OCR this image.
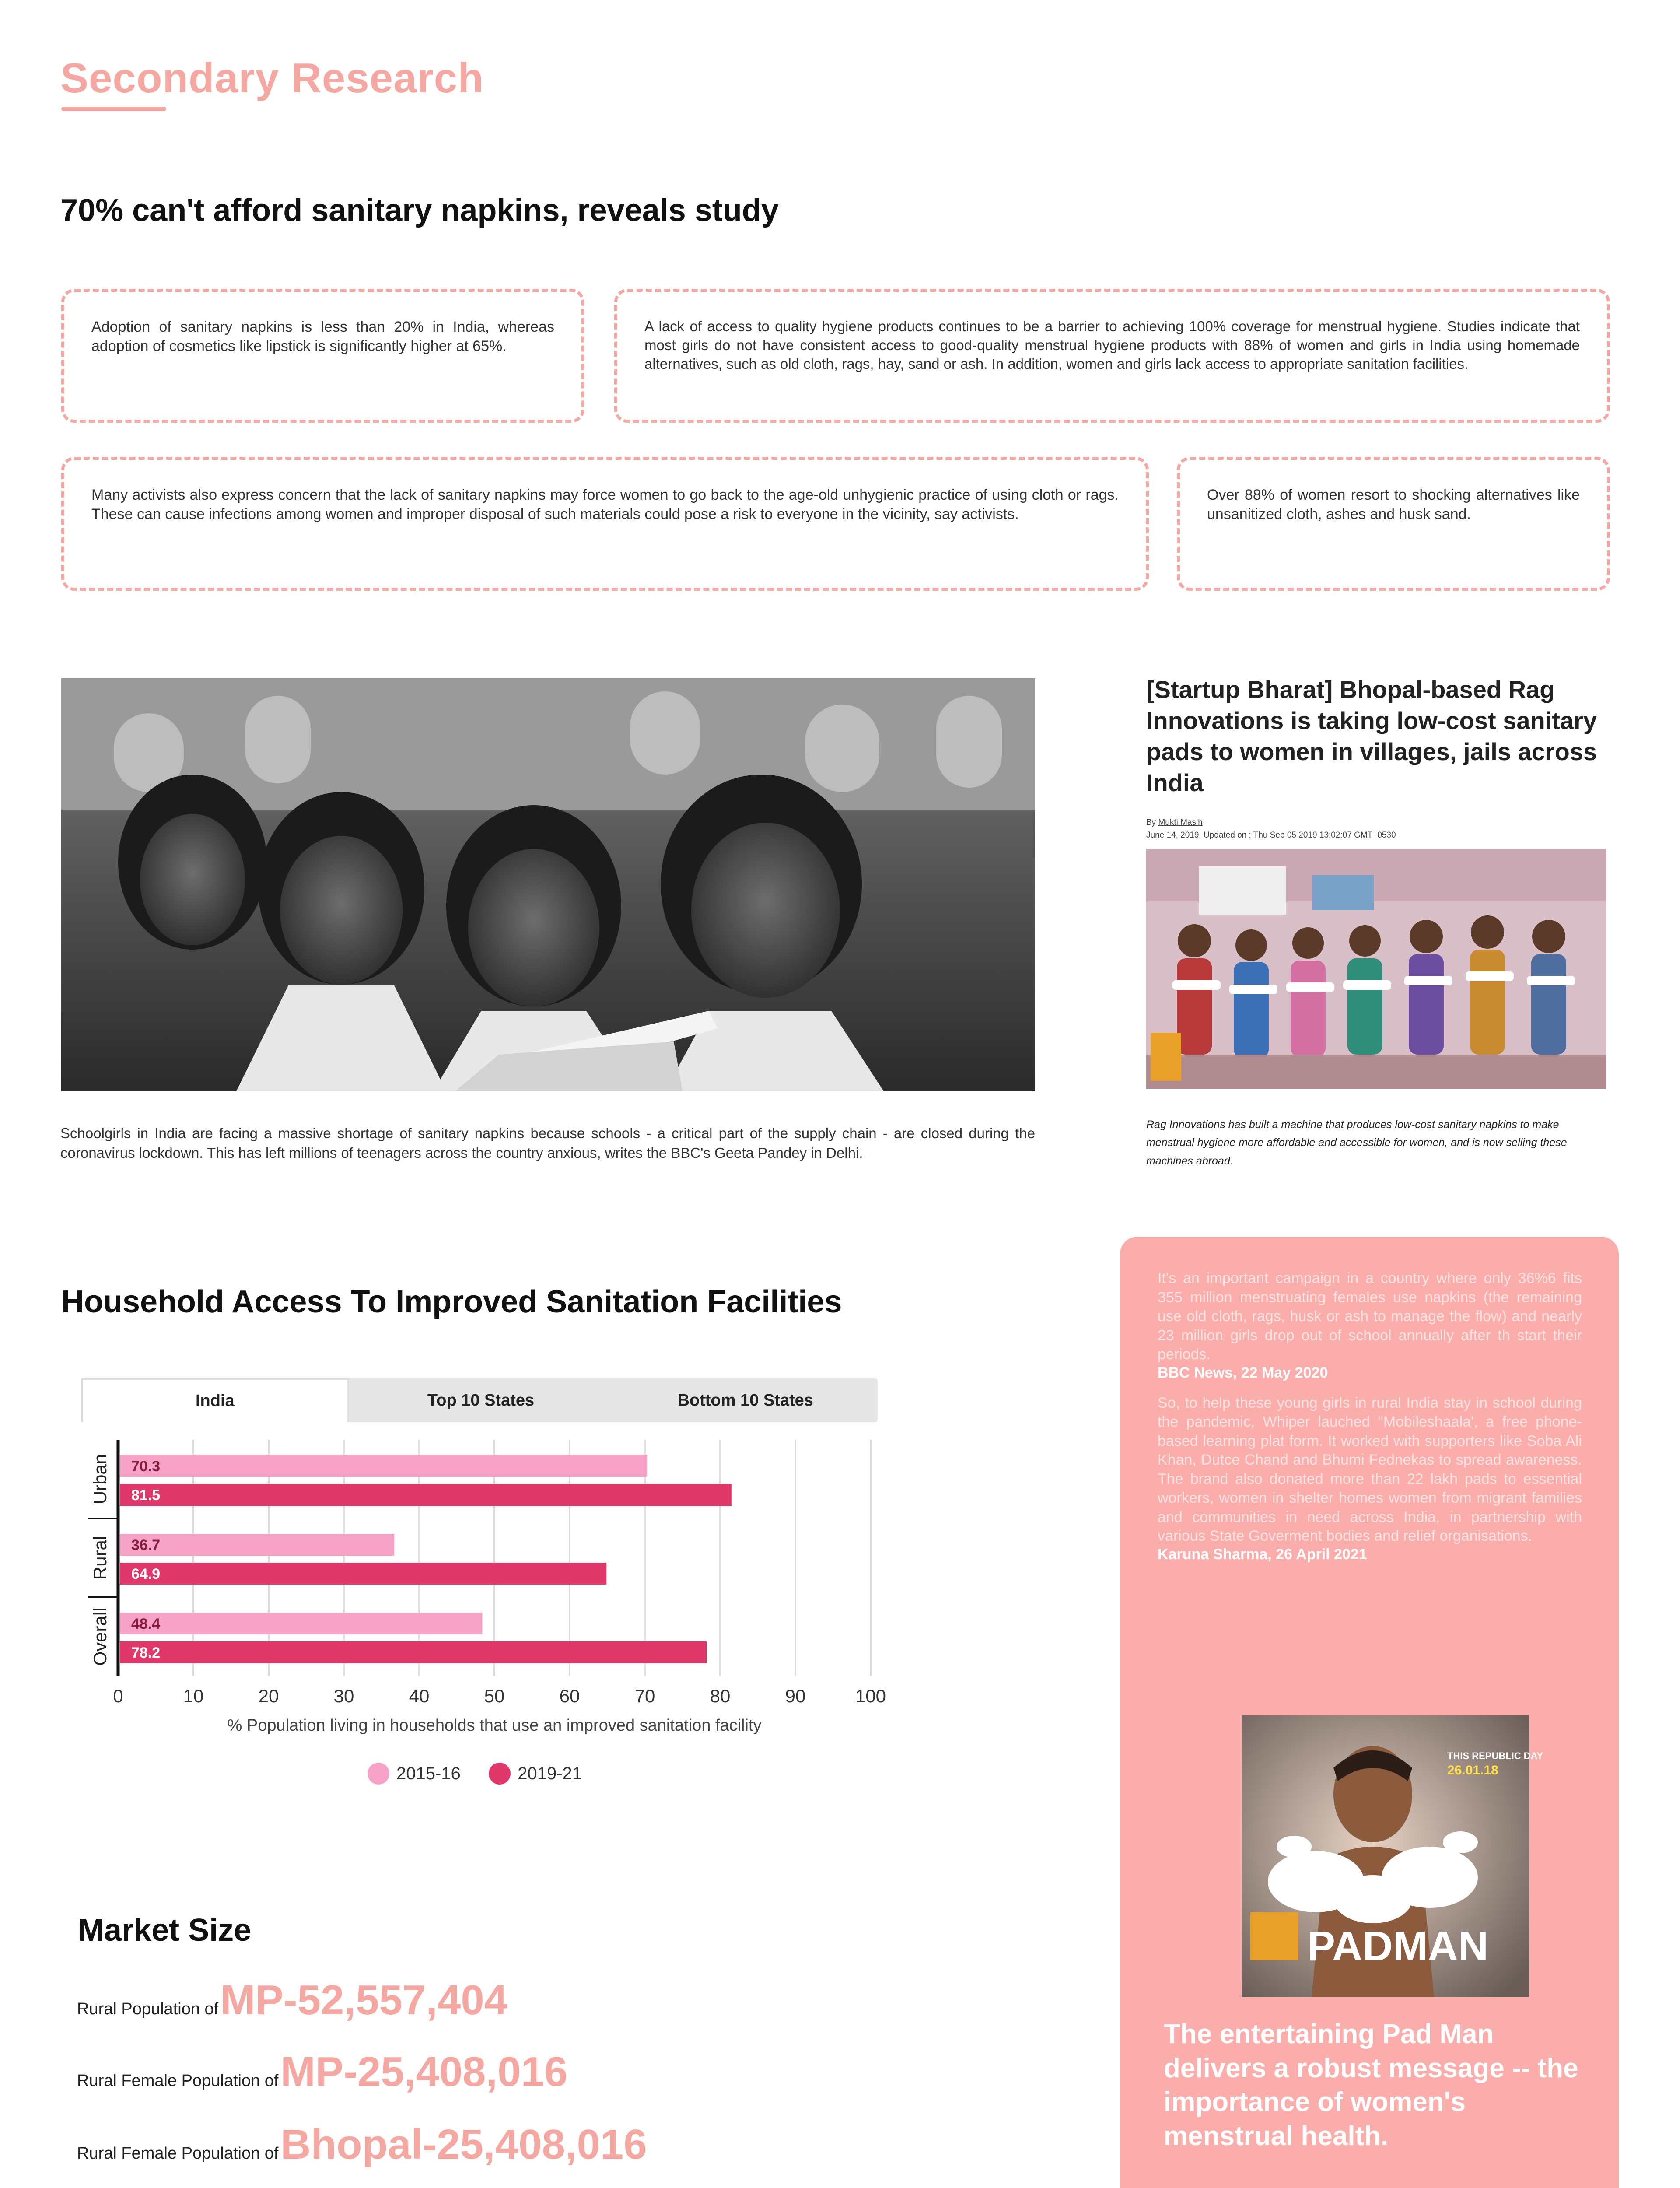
Secondary Research
70% can't afford sanitary napkins, reveals study
Adoption of sanitary napkins is less than 20% in India, whereas adoption of cosmetics like lipstick is significantly higher at 65%.
A lack of access to quality hygiene products continues to be a barrier to achieving 100% coverage for menstrual hygiene. Studies indicate that most girls do not have consistent access to good-quality menstrual hygiene products with 88% of women and girls in India using homemade alternatives, such as old cloth, rags, hay, sand or ash. In addition, women and girls lack access to appropriate sanitation facilities.
Many activists also express concern that the lack of sanitary napkins may force women to go back to the age-old unhygienic practice of using cloth or rags. These can cause infections among women and improper disposal of such materials could pose a risk to everyone in the vicinity, say activists.
Over 88% of women resort to shocking alternatives like unsanitized cloth, ashes and husk sand.
Schoolgirls in India are facing a massive shortage of sanitary napkins because schools - a critical part of the supply chain - are closed during the coronavirus lockdown. This has left millions of teenagers across the country anxious, writes the BBC's Geeta Pandey in Delhi.
[Startup Bharat] Bhopal-based Rag Innovations is taking low-cost sanitary pads to women in villages, jails across India
By Mukti Masih
June 14, 2019, Updated on : Thu Sep 05 2019 13:02:07 GMT+0530
Rag Innovations has built a machine that produces low-cost sanitary napkins to make menstrual hygiene more affordable and accessible for women, and is now selling these machines abroad.
Household Access To Improved Sanitation Facilities
India	Top 10 States	Bottom 10 States
0	10	20	30	40	50	60	70	80	90	100
Urban 70.3
81.5
Rural 36.7
64.9
Overall 48.4
78.2
% Population living in households that use an improved sanitation facility
2015-16	2019-21
Market Size
Rural Population of MP-52,557,404
Rural Female Population of MP-25,408,016
Rural Female Population of Bhopal-25,408,016
It's an important campaign in a country where only 36%6 fits 355 million menstruating females use napkins (the remaining use old cloth, rags, husk or ash to manage the flow) and nearly 23 million girls drop out of school annually after th start their periods.
BBC News, 22 May 2020
So, to help these young girls in rural India stay in school during the pandemic, Whiper lauched "Mobileshaala', a free phone-based learning plat form. It worked with supporters like Soba Ali Khan, Dutce Chand and Bhumi Fednekas to spread awareness. The brand also donated more than 22 lakh pads to essential workers, women in shelter homes women from migrant families and communities in need across India, in partnership with various State Goverment bodies and relief organisations.
Karuna Sharma, 26 April 2021
THIS REPUBLIC DAY
26.01.18
PADMAN
The entertaining Pad Man delivers a robust message -- the importance of women's menstrual health.
